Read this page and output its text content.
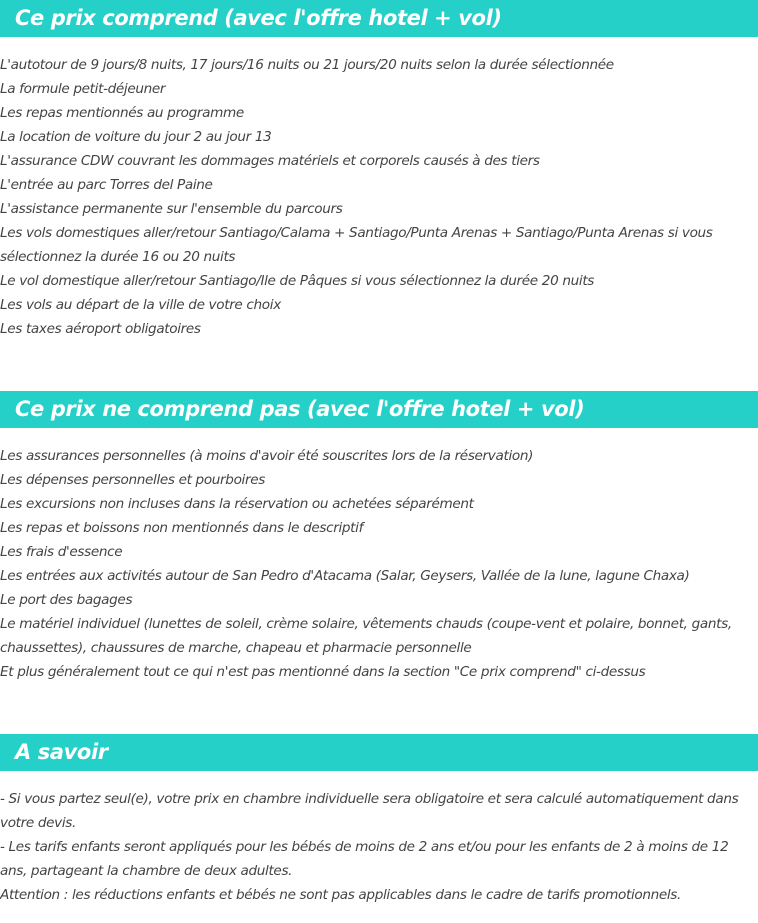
Ce prix comprend (avec l'offre hotel + vol)
L'autotour de 9 jours/8 nuits, 17 jours/16 nuits ou 21 jours/20 nuits selon la durée sélectionnée
La formule petit-déjeuner
Les repas mentionnés au programme
La location de voiture du jour 2 au jour 13
L'assurance CDW couvrant les dommages matériels et corporels causés à des tiers
L'entrée au parc Torres del Paine
L'assistance permanente sur l'ensemble du parcours
Les vols domestiques aller/retour Santiago/Calama + Santiago/Punta Arenas + Santiago/Punta Arenas si vous sélectionnez la durée 16 ou 20 nuits
Le vol domestique aller/retour Santiago/Ile de Pâques si vous sélectionnez la durée 20 nuits
Les vols au départ de la ville de votre choix
Les taxes aéroport obligatoires
Ce prix ne comprend pas (avec l'offre hotel + vol)
Les assurances personnelles (à moins d'avoir été souscrites lors de la réservation)
Les dépenses personnelles et pourboires
Les excursions non incluses dans la réservation ou achetées séparément
Les repas et boissons non mentionnés dans le descriptif
Les frais d'essence
Les entrées aux activités autour de San Pedro d'Atacama (Salar, Geysers, Vallée de la lune, lagune Chaxa)
Le port des bagages
Le matériel individuel (lunettes de soleil, crème solaire, vêtements chauds (coupe-vent et polaire, bonnet, gants, chaussettes), chaussures de marche, chapeau et pharmacie personnelle
Et plus généralement tout ce qui n'est pas mentionné dans la section "Ce prix comprend" ci-dessus
A savoir
- Si vous partez seul(e), votre prix en chambre individuelle sera obligatoire et sera calculé automatiquement dans votre devis.
- Les tarifs enfants seront appliqués pour les bébés de moins de 2 ans et/ou pour les enfants de 2 à moins de 12 ans, partageant la chambre de deux adultes.
Attention : les réductions enfants et bébés ne sont pas applicables dans le cadre de tarifs promotionnels.
